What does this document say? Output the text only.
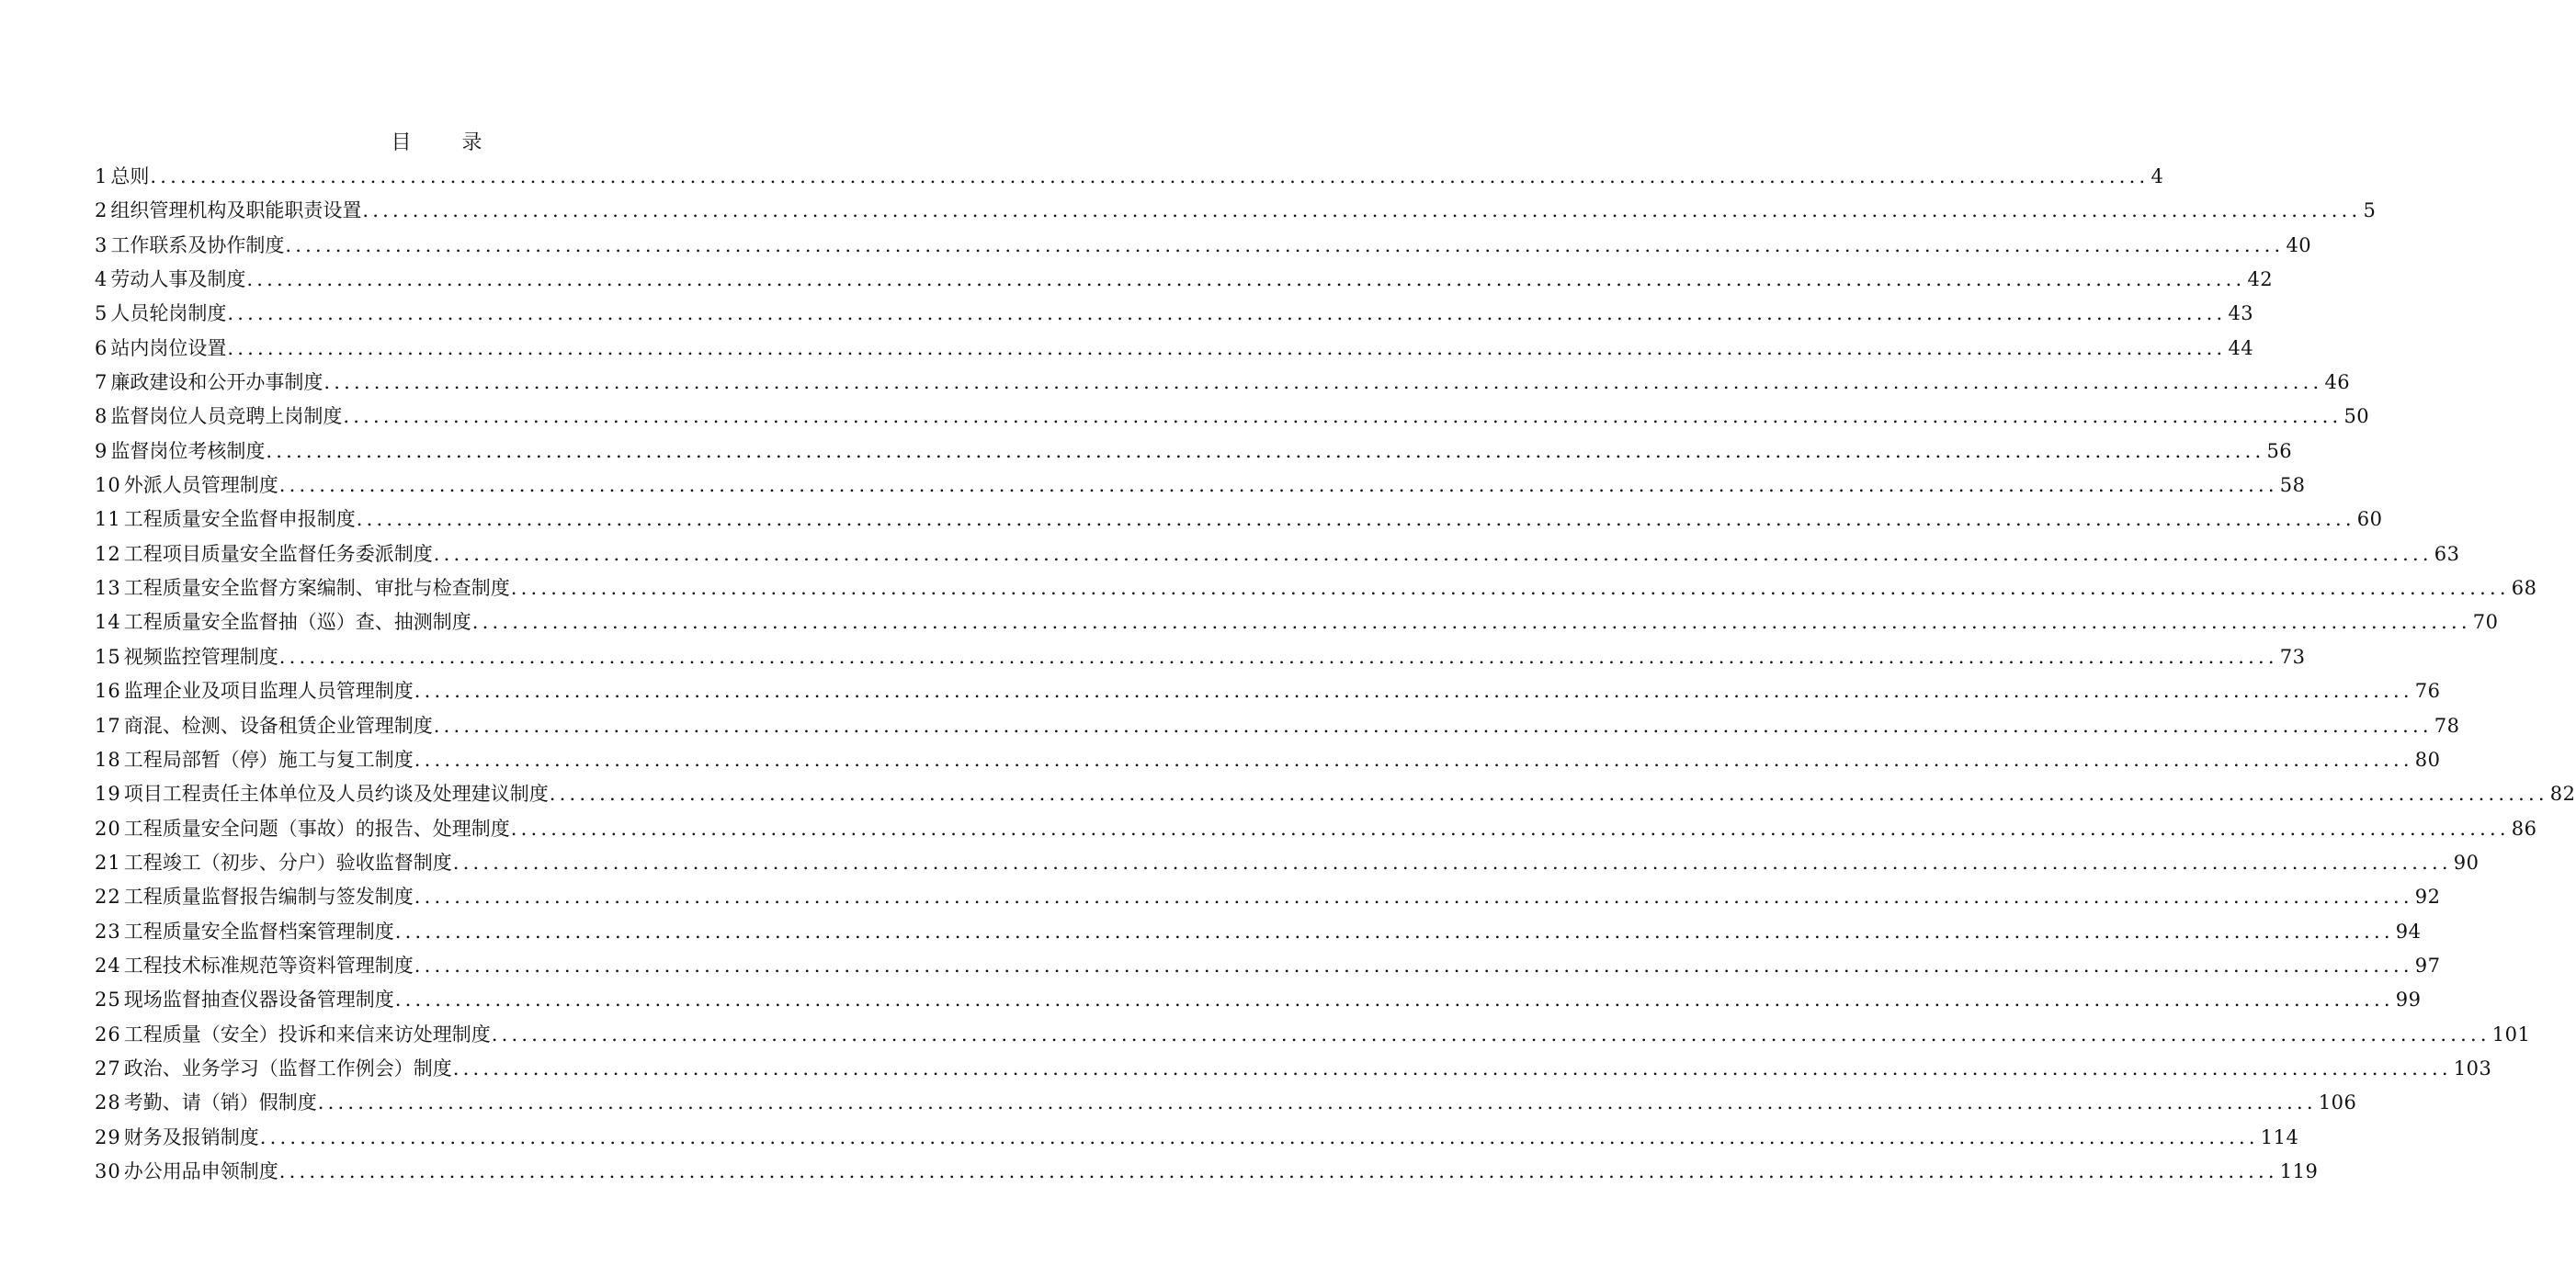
目 录
1 总则 ........................................................................................................................................................................................................ 4
2 组织管理机构及职能职责设置 ........................................................................................................................................................................................................ 5
3 工作联系及协作制度 ........................................................................................................................................................................................................ 40
4 劳动人事及制度 ........................................................................................................................................................................................................ 42
5 人员轮岗制度 ........................................................................................................................................................................................................ 43
6 站内岗位设置 ........................................................................................................................................................................................................ 44
7 廉政建设和公开办事制度 ........................................................................................................................................................................................................ 46
8 监督岗位人员竞聘上岗制度 ........................................................................................................................................................................................................ 50
9 监督岗位考核制度 ........................................................................................................................................................................................................ 56
10 外派人员管理制度 ........................................................................................................................................................................................................ 58
11 工程质量安全监督申报制度 ........................................................................................................................................................................................................ 60
12 工程项目质量安全监督任务委派制度 ........................................................................................................................................................................................................ 63
13 工程质量安全监督方案编制、审批与检查制度 ........................................................................................................................................................................................................ 68
14 工程质量安全监督抽（巡）查、抽测制度 ........................................................................................................................................................................................................ 70
15 视频监控管理制度 ........................................................................................................................................................................................................ 73
16 监理企业及项目监理人员管理制度 ........................................................................................................................................................................................................ 76
17 商混、检测、设备租赁企业管理制度 ........................................................................................................................................................................................................ 78
18 工程局部暂（停）施工与复工制度 ........................................................................................................................................................................................................ 80
19 项目工程责任主体单位及人员约谈及处理建议制度 ........................................................................................................................................................................................................ 82
20 工程质量安全问题（事故）的报告、处理制度 ........................................................................................................................................................................................................ 86
21 工程竣工（初步、分户）验收监督制度 ........................................................................................................................................................................................................ 90
22 工程质量监督报告编制与签发制度 ........................................................................................................................................................................................................ 92
23 工程质量安全监督档案管理制度 ........................................................................................................................................................................................................ 94
24 工程技术标准规范等资料管理制度 ........................................................................................................................................................................................................ 97
25 现场监督抽查仪器设备管理制度 ........................................................................................................................................................................................................ 99
26 工程质量（安全）投诉和来信来访处理制度 ........................................................................................................................................................................................................ 101
27 政治、业务学习（监督工作例会）制度 ........................................................................................................................................................................................................ 103
28 考勤、请（销）假制度 ........................................................................................................................................................................................................ 106
29 财务及报销制度 ........................................................................................................................................................................................................ 114
30 办公用品申领制度 ........................................................................................................................................................................................................ 119
